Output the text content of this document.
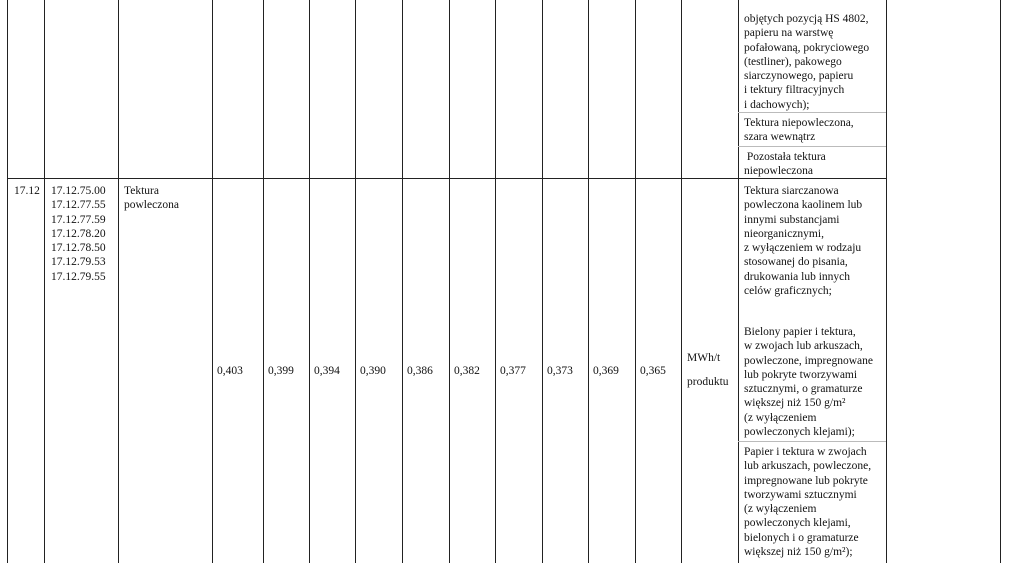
objętych pozycją HS 4802,
papieru na warstwę
pofałowaną, pokryciowego
(testliner), pakowego
siarczynowego, papieru
i tektury filtracyjnych
i dachowych);
Tektura niepowleczona,
szara wewnątrz
Pozostała tektura
niepowleczona
17.12 17.12.75.00
17.12.77.55
17.12.77.59
17.12.78.20
17.12.78.50
17.12.79.53
17.12.79.55
Tektura
powleczona
0,403 0,399 0,394 0,390 0,386 0,382 0,377 0,373 0,369 0,365
MWh/t

produktu
Tektura siarczanowa
powleczona kaolinem lub
innymi substancjami
nieorganicznymi,
z wyłączeniem w rodzaju
stosowanej do pisania,
drukowania lub innych
celów graficznych;
Bielony papier i tektura,
w zwojach lub arkuszach,
powleczone, impregnowane
lub pokryte tworzywami
sztucznymi, o gramaturze
większej niż 150 g/m²
(z wyłączeniem
powleczonych klejami);
Papier i tektura w zwojach
lub arkuszach, powleczone,
impregnowane lub pokryte
tworzywami sztucznymi
(z wyłączeniem
powleczonych klejami,
bielonych i o gramaturze
większej niż 150 g/m²);
